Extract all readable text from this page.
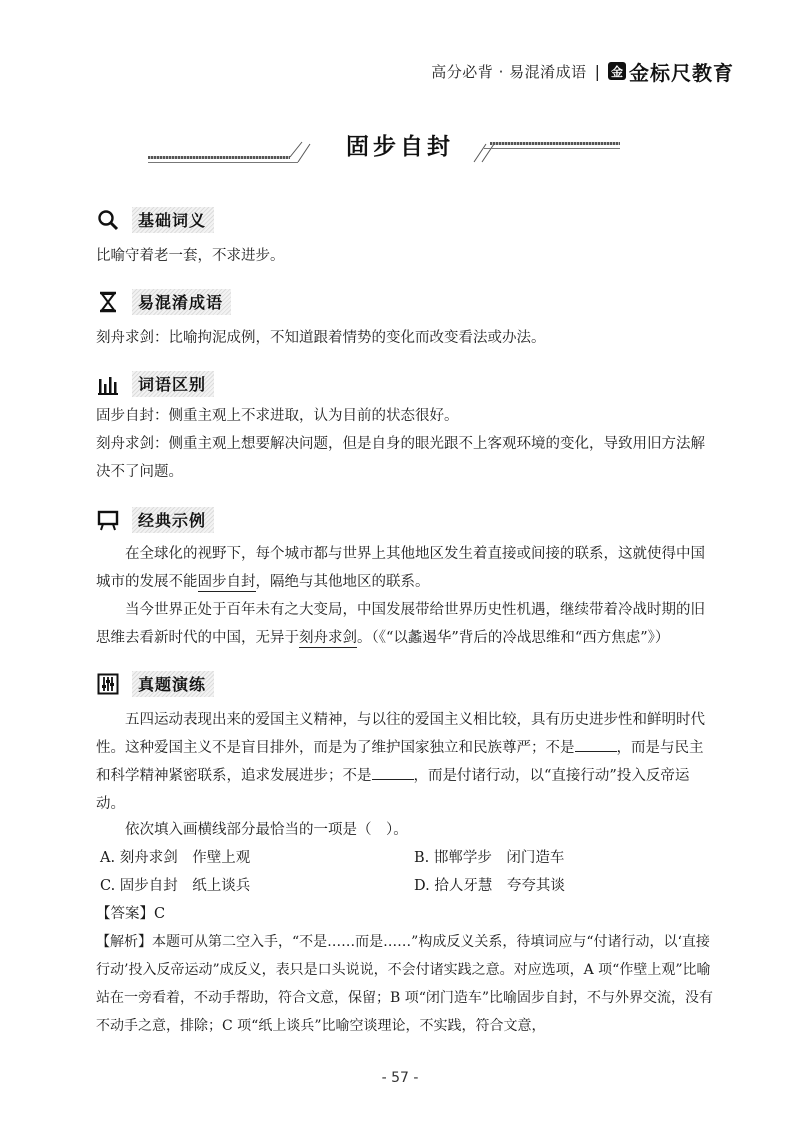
高分必背 · 易混淆成语 | 金 金标尺教育
固步自封
基础词义
比喻守着老一套，不求进步。
易混淆成语
刻舟求剑：比喻拘泥成例，不知道跟着情势的变化而改变看法或办法。
词语区别
固步自封：侧重主观上不求进取，认为目前的状态很好。
刻舟求剑：侧重主观上想要解决问题，但是自身的眼光跟不上客观环境的变化，导致用旧方法解决不了问题。
经典示例
在全球化的视野下，每个城市都与世界上其他地区发生着直接或间接的联系，这就使得中国城市的发展不能固步自封，隔绝与其他地区的联系。
当今世界正处于百年未有之大变局，中国发展带给世界历史性机遇，继续带着冷战时期的旧思维去看新时代的中国，无异于刻舟求剑。（《“以蠡遏华”背后的冷战思维和“西方焦虑”》）
真题演练
五四运动表现出来的爱国主义精神，与以往的爱国主义相比较，具有历史进步性和鲜明时代性。这种爱国主义不是盲目排外，而是为了维护国家独立和民族尊严；不是	，而是与民主和科学精神紧密联系，追求发展进步；不是	，而是付诸行动，以“直接行动”投入反帝运动。
依次填入画横线部分最恰当的一项是（　）。
A. 刻舟求剑　作壁上观	B. 邯郸学步　闭门造车
C. 固步自封　纸上谈兵	D. 拾人牙慧　夸夸其谈
【答案】C
【解析】本题可从第二空入手，“不是……而是……”构成反义关系，待填词应与“付诸行动，以‘直接行动’投入反帝运动”成反义，表只是口头说说，不会付诸实践之意。对应选项，A 项“作壁上观”比喻站在一旁看着，不动手帮助，符合文意，保留；B 项“闭门造车”比喻固步自封，不与外界交流，没有不动手之意，排除；C 项“纸上谈兵”比喻空谈理论，不实践，符合文意，
- 57 -
